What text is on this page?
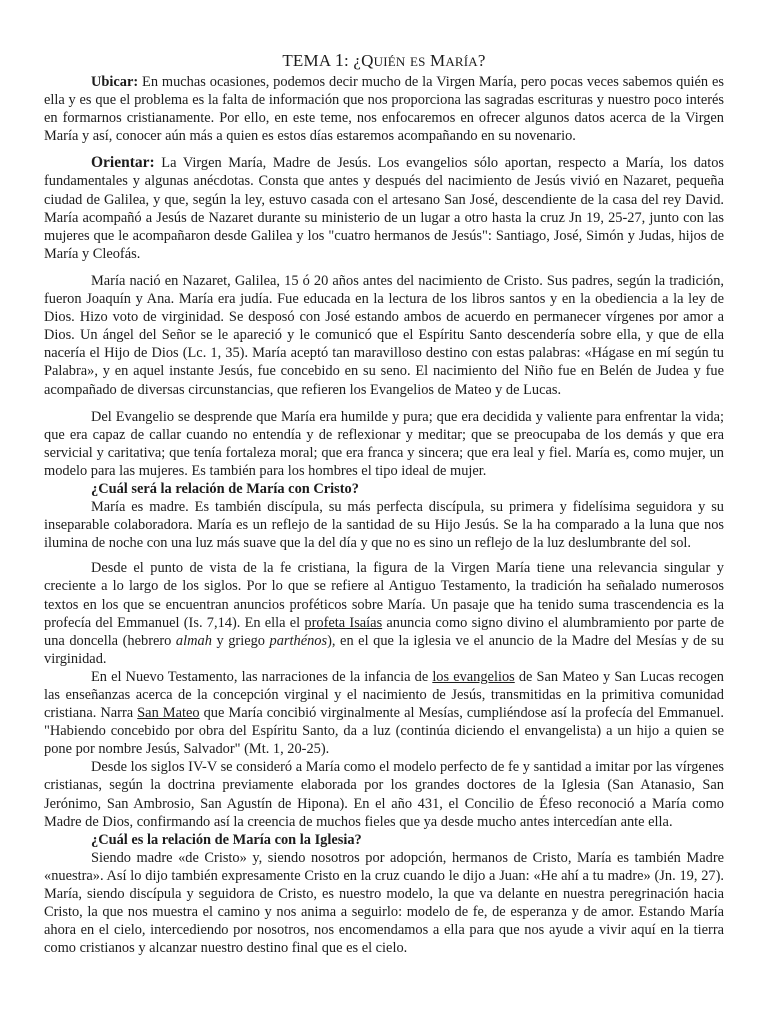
TEMA 1: ¿QUIÉN ES MARÍA?

Ubicar: En muchas ocasiones, podemos decir mucho de la Virgen María, pero pocas veces sabemos quién es ella y es que el problema es la falta de información que nos proporciona las sagradas escrituras y nuestro poco interés en formarnos cristianamente. Por ello, en este teme, nos enfocaremos en ofrecer algunos datos acerca de la Virgen María y así, conocer aún más a quien es estos días estaremos acompañando en su novenario.

Orientar: La Virgen María, Madre de Jesús. Los evangelios sólo aportan, respecto a María, los datos fundamentales y algunas anécdotas. Consta que antes y después del nacimiento de Jesús vivió en Nazaret, pequeña ciudad de Galilea, y que, según la ley, estuvo casada con el artesano San José, descendiente de la casa del rey David. María acompañó a Jesús de Nazaret durante su ministerio de un lugar a otro hasta la cruz Jn 19, 25-27, junto con las mujeres que le acompañaron desde Galilea y los "cuatro hermanos de Jesús": Santiago, José, Simón y Judas, hijos de María y Cleofás.

María nació en Nazaret, Galilea, 15 ó 20 años antes del nacimiento de Cristo. Sus padres, según la tradición, fueron Joaquín y Ana. María era judía. Fue educada en la lectura de los libros santos y en la obediencia a la ley de Dios. Hizo voto de virginidad. Se desposó con José estando ambos de acuerdo en permanecer vírgenes por amor a Dios. Un ángel del Señor se le apareció y le comunicó que el Espíritu Santo descendería sobre ella, y que de ella nacería el Hijo de Dios (Lc. 1, 35). María aceptó tan maravilloso destino con estas palabras: «Hágase en mí según tu Palabra», y en aquel instante Jesús, fue concebido en su seno. El nacimiento del Niño fue en Belén de Judea y fue acompañado de diversas circunstancias, que refieren los Evangelios de Mateo y de Lucas.

Del Evangelio se desprende que María era humilde y pura; que era decidida y valiente para enfrentar la vida; que era capaz de callar cuando no entendía y de reflexionar y meditar; que se preocupaba de los demás y que era servicial y caritativa; que tenía fortaleza moral; que era franca y sincera; que era leal y fiel. María es, como mujer, un modelo para las mujeres. Es también para los hombres el tipo ideal de mujer.

¿Cuál será la relación de María con Cristo?

María es madre. Es también discípula, su más perfecta discípula, su primera y fidelísima seguidora y su inseparable colaboradora. María es un reflejo de la santidad de su Hijo Jesús. Se la ha comparado a la luna que nos ilumina de noche con una luz más suave que la del día y que no es sino un reflejo de la luz deslumbrante del sol.

Desde el punto de vista de la fe cristiana, la figura de la Virgen María tiene una relevancia singular y creciente a lo largo de los siglos. Por lo que se refiere al Antiguo Testamento, la tradición ha señalado numerosos textos en los que se encuentran anuncios proféticos sobre María. Un pasaje que ha tenido suma trascendencia es la profecía del Emmanuel (Is. 7,14). En ella el profeta Isaías anuncia como signo divino el alumbramiento por parte de una doncella (hebrero almah y griego parthénos), en el que la iglesia ve el anuncio de la Madre del Mesías y de su virginidad.

En el Nuevo Testamento, las narraciones de la infancia de los evangelios de San Mateo y San Lucas recogen las enseñanzas acerca de la concepción virginal y el nacimiento de Jesús, transmitidas en la primitiva comunidad cristiana. Narra San Mateo que María concibió virginalmente al Mesías, cumpliéndose así la profecía del Emmanuel. "Habiendo concebido por obra del Espíritu Santo, da a luz (continúa diciendo el envangelista) a un hijo a quien se pone por nombre Jesús, Salvador" (Mt. 1, 20-25).

Desde los siglos IV-V se consideró a María como el modelo perfecto de fe y santidad a imitar por las vírgenes cristianas, según la doctrina previamente elaborada por los grandes doctores de la Iglesia (San Atanasio, San Jerónimo, San Ambrosio, San Agustín de Hipona). En el año 431, el Concilio de Éfeso reconoció a María como Madre de Dios, confirmando así la creencia de muchos fieles que ya desde mucho antes intercedían ante ella.

¿Cuál es la relación de María con la Iglesia?

Siendo madre «de Cristo» y, siendo nosotros por adopción, hermanos de Cristo, María es también Madre «nuestra». Así lo dijo también expresamente Cristo en la cruz cuando le dijo a Juan: «He ahí a tu madre» (Jn. 19, 27). María, siendo discípula y seguidora de Cristo, es nuestro modelo, la que va delante en nuestra peregrinación hacia Cristo, la que nos muestra el camino y nos anima a seguirlo: modelo de fe, de esperanza y de amor. Estando María ahora en el cielo, intercediendo por nosotros, nos encomendamos a ella para que nos ayude a vivir aquí en la tierra como cristianos y alcanzar nuestro destino final que es el cielo.
